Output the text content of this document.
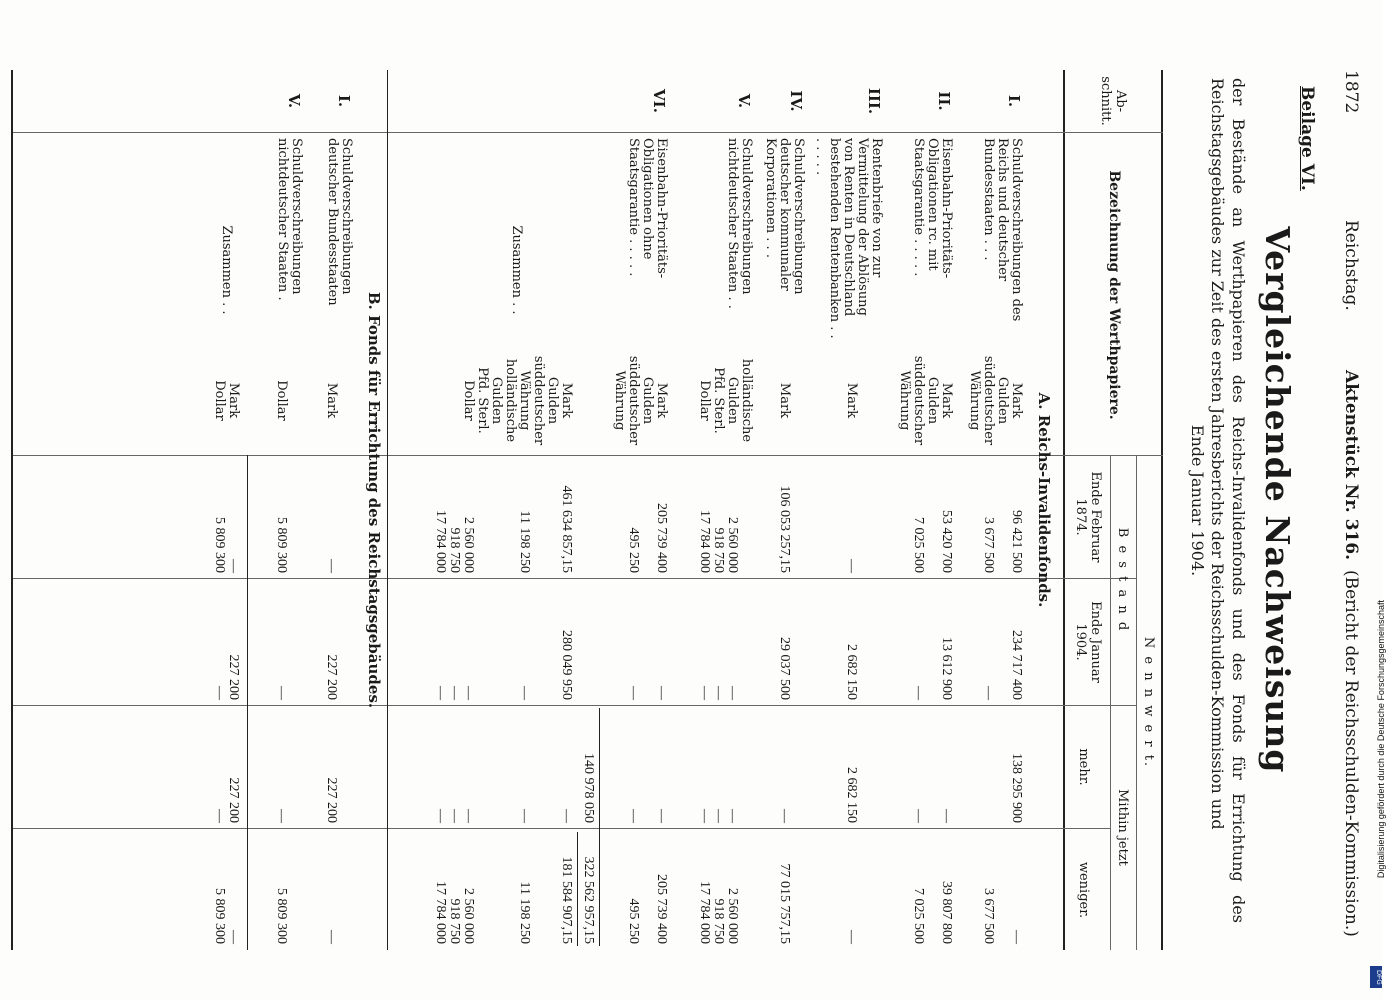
1872
Reichstag.
Aktenstück Nr. 316.
(Bericht der Reichsschulden-Kommission.)
Beilage VI.
Vergleichende Nachweisung
der Bestände an Werthpapieren des Reichs-Invalidenfonds und des Fonds für Errichtung des Reichstagsgebäudes zur Zeit des ersten Jahresberichts der Reichsschulden-Kommission und
Ende Januar 1904.
Ab- schnitt.
Bezeichnung der Werthpapiere.
N e n n w e r t.
B e s t a n d
Ende Februar 1874.
Ende Januar 1904.
Mithin jetzt
mehr.
weniger.
A. Reichs-Invalidenfonds.
I.
Schuldverschreibungen des Reichs und deutscher Bundesstaaten . . .
Mark
Gulden
süddeutscher
Währung
96 421 500
3 677 500
234 717 400
—
138 295 900
—
3 677 500
II.
Eisenbahn-Prioritäts-Obligationen rc. mit Staatsgarantie . . . . .
Mark
Gulden
süddeutscher
Währung
53 420 700
7 025 500
13 612 900
—
—
—
39 807 800
7 025 500
III.
Rentenbriefe von zur Vermittelung der Ablösung von Renten in Deutschland bestehenden Rentenbanken . . . . . . .
Mark
—
2 682 150
2 682 150
—
IV.
Schuldverschreibungen deutscher kommunaler Korporationen . . .
Mark
106 053 257,15
29 037 500
—
77 015 757,15
V.
Schuldverschreibungen nichtdeutscher Staaten . .
holländische
Gulden
Pfd. Sterl.
Dollar
2 560 000
918 750
17 784 000
—
—
—
—
—
—
2 560 000
918 750
17 784 000
VI.
Eisenbahn-Prioritäts-Obligationen ohne Staatsgarantie . . . . .
Mark
Gulden
süddeutscher
Währung
205 739 400
495 250
—
—
—
—
205 739 400
495 250
140 978 050
322 562 957,15
Zusammen . .
Mark
Gulden
süddeutscher
Währung
holländische
Gulden
Pfd. Sterl.
Dollar
461 634 857,15
11 198 250
2 560 000
918 750
17 784 000
280 049 950
—
—
—
—
—
—
—
—
—
181 584 907,15
11 198 250
2 560 000
918 750
17 784 000
B. Fonds für Errichtung des Reichstagsgebäudes.
I.
Schuldverschreibungen deutscher Bundesstaaten
Mark
—
227 200
227 200
—
V.
Schuldverschreibungen nichtdeutscher Staaten .
Dollar
5 809 300
—
—
5 809 300
Zusammen . .
Mark
Dollar
—
5 809 300
227 200
—
227 200
—
—
5 809 300
Digitalisierung gefördert durch die Deutsche Forschungsgemeinschaft
DFG
